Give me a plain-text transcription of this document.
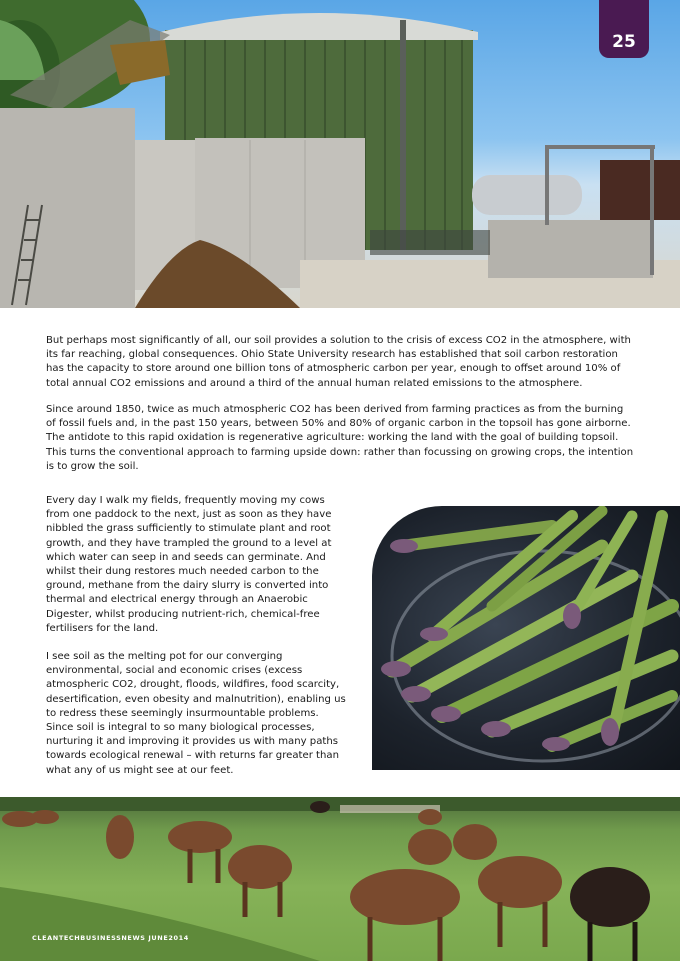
25

But perhaps most significantly of all, our soil provides a solution to the crisis of excess CO2 in the atmosphere, with its far reaching, global consequences. Ohio State University research has established that soil carbon restoration has the capacity to store around one billion tons of atmospheric carbon per year, enough to offset around 10% of total annual CO2 emissions and around a third of the annual human related emissions to the atmosphere.

Since around 1850, twice as much atmospheric CO2 has been derived from farming practices as from the burning of fossil fuels and, in the past 150 years, between 50% and 80% of organic carbon in the topsoil has gone airborne.

The antidote to this rapid oxidation is regenerative agriculture: working the land with the goal of building topsoil. This turns the conventional approach to farming upside down: rather than focussing on growing crops, the intention is to grow the soil.

Every day I walk my fields, frequently moving my cows from one paddock to the next, just as soon as they have nibbled the grass sufficiently to stimulate plant and root growth, and they have trampled the ground to a level at which water can seep in and seeds can germinate. And whilst their dung restores much needed carbon to the ground, methane from the dairy slurry is converted into thermal and electrical energy through an Anaerobic Digester, whilst producing nutrient-rich, chemical-free fertilisers for the land.

I see soil as the melting pot for our converging environmental, social and economic crises (excess atmospheric CO2, drought, floods, wildfires, food scarcity, desertification, even obesity and malnutrition), enabling us to redress these seemingly insurmountable problems. Since soil is integral to so many biological processes, nurturing it and improving it provides us with many paths towards ecological renewal – with returns far greater than what any of us might see at our feet.

CLEANTECHBUSINESSNEWS JUNE2014
